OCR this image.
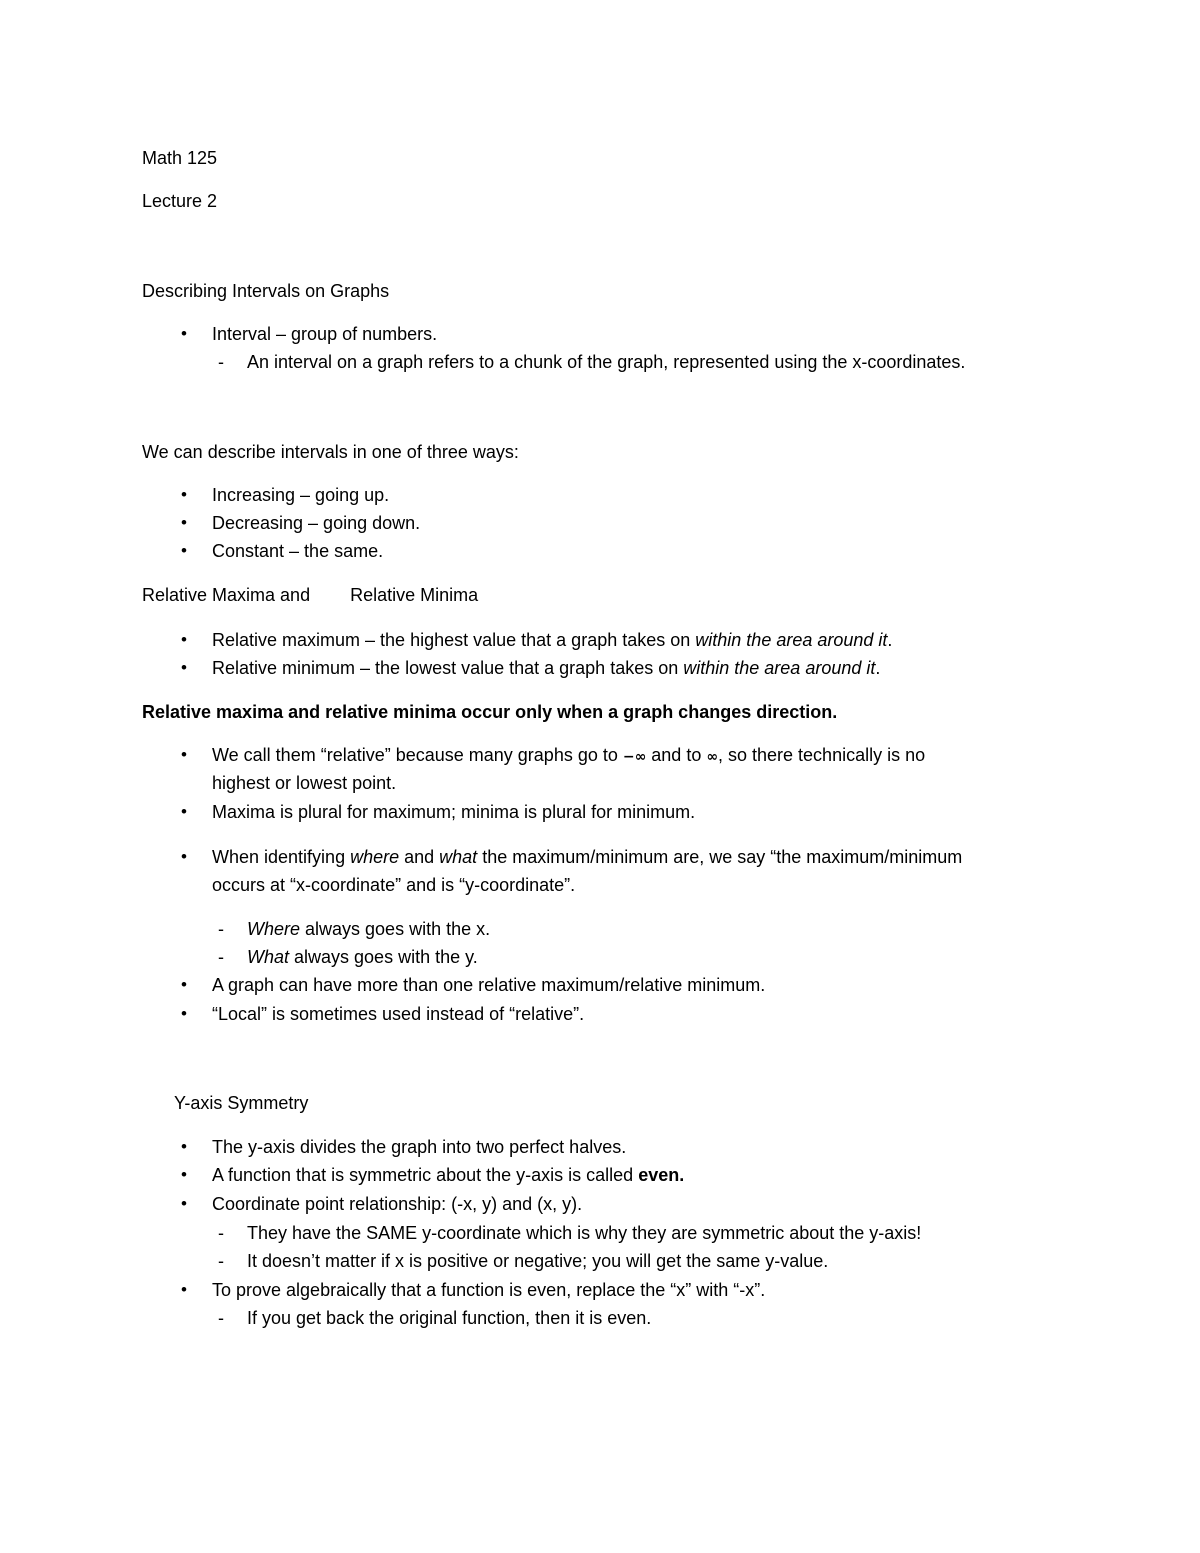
Math 125
Lecture 2
Describing Intervals on Graphs
•	Interval – group of numbers.
- An interval on a graph refers to a chunk of the graph, represented using the x-coordinates.
We can describe intervals in one of three ways:
•	Increasing – going up.
•	Decreasing – going down.
•	Constant – the same.
Relative Maxima and Relative Minima
•	Relative maximum – the highest value that a graph takes on within the area around it.
•	Relative minimum – the lowest value that a graph takes on within the area around it.
Relative maxima and relative minima occur only when a graph changes direction.
•	We call them “relative” because many graphs go to −∞ and to ∞, so there technically is no
highest or lowest point.
•	Maxima is plural for maximum; minima is plural for minimum.
•	When identifying where and what the maximum/minimum are, we say “the maximum/minimum
occurs at “x-coordinate” and is “y-coordinate”.
- Where always goes with the x.
- What always goes with the y.
•	A graph can have more than one relative maximum/relative minimum.
•	“Local” is sometimes used instead of “relative”.
Y-axis Symmetry
•	The y-axis divides the graph into two perfect halves.
•	A function that is symmetric about the y-axis is called even.
•	Coordinate point relationship: (-x, y) and (x, y).
- They have the SAME y-coordinate which is why they are symmetric about the y-axis!
- It doesn’t matter if x is positive or negative; you will get the same y-value.
•	To prove algebraically that a function is even, replace the “x” with “-x”.
- If you get back the original function, then it is even.
